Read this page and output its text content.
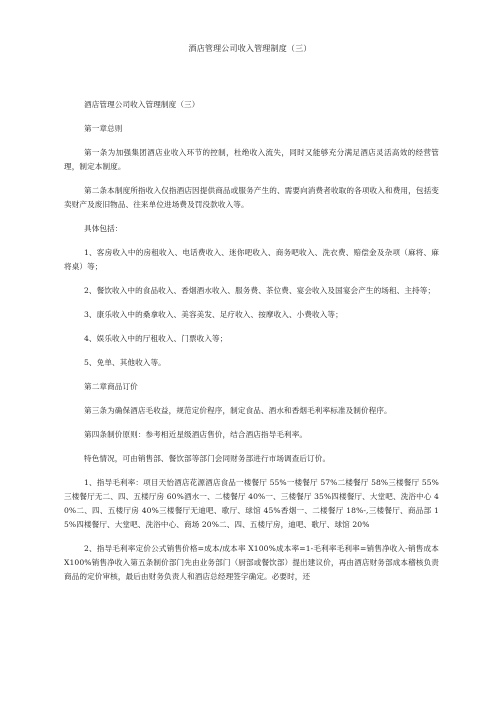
酒店管理公司收入管理制度（三）

酒店管理公司收入管理制度（三）

第一章总则

第一条为加强集团酒店业收入环节的控制，杜绝收入流失，同时又能够充分满足酒店灵活高效的经营管理，制定本制度。

第二条本制度所指收入仅指酒店因提供商品或服务产生的、需要向消费者收取的各项收入和费用，包括变卖财产及废旧物品、往来单位进场费及罚没款收入等。

具体包括：

1、客房收入中的房租收入、电话费收入、迷你吧收入、商务吧收入、洗衣费、赔偿金及杂项（麻将、麻将桌）等；

2、餐饮收入中的食品收入、香烟酒水收入、服务费、茶位费、宴会收入及国宴会产生的场租、主持等；

3、康乐收入中的桑拿收入、美容美发、足疗收入、按摩收入、小费收入等；

4、娱乐收入中的厅租收入、门票收入等；

5、免单、其他收入等。

第二章商品订价

第三条为确保酒店毛收益，规范定价程序，制定食品、酒水和香烟毛利率标准及制价程序。

第四条制价原则：参考相近星级酒店售价，结合酒店指导毛利率。

特色情况，可由销售部、餐饮部等部门会同财务部进行市场调查后订价。

1、指导毛利率：项目天怡酒店花源酒店食品一楼餐厅 55%一楼餐厅 57%二楼餐厅 58%三楼餐厅 55%三楼餐厅无二、四、五楼厅房 60%酒水一、二楼餐厅 40%一、三楼餐厅 35%四楼餐厅、大堂吧、洗浴中心 40%二、四、五楼厅房 40%三楼餐厅无迪吧、歌厅、球馆 45%香烟一、二楼餐厅 18%-,三楼餐厅、商品部 15%四楼餐厅、大堂吧、洗浴中心、商场 20%二、四、五楼厅房，迪吧、歌厅、球馆 20%

2、指导毛利率定价公式销售价格=成本/成本率 X100%成本率=1-毛利率毛利率=销售净收入-销售成本 X100%销售净收入第五条制价部门先由业务部门（厨部或餐饮部）提出建议价，再由酒店财务部成本稽核负责商品的定价审核，最后由财务负责人和酒店总经理签字确定。必要时，还
